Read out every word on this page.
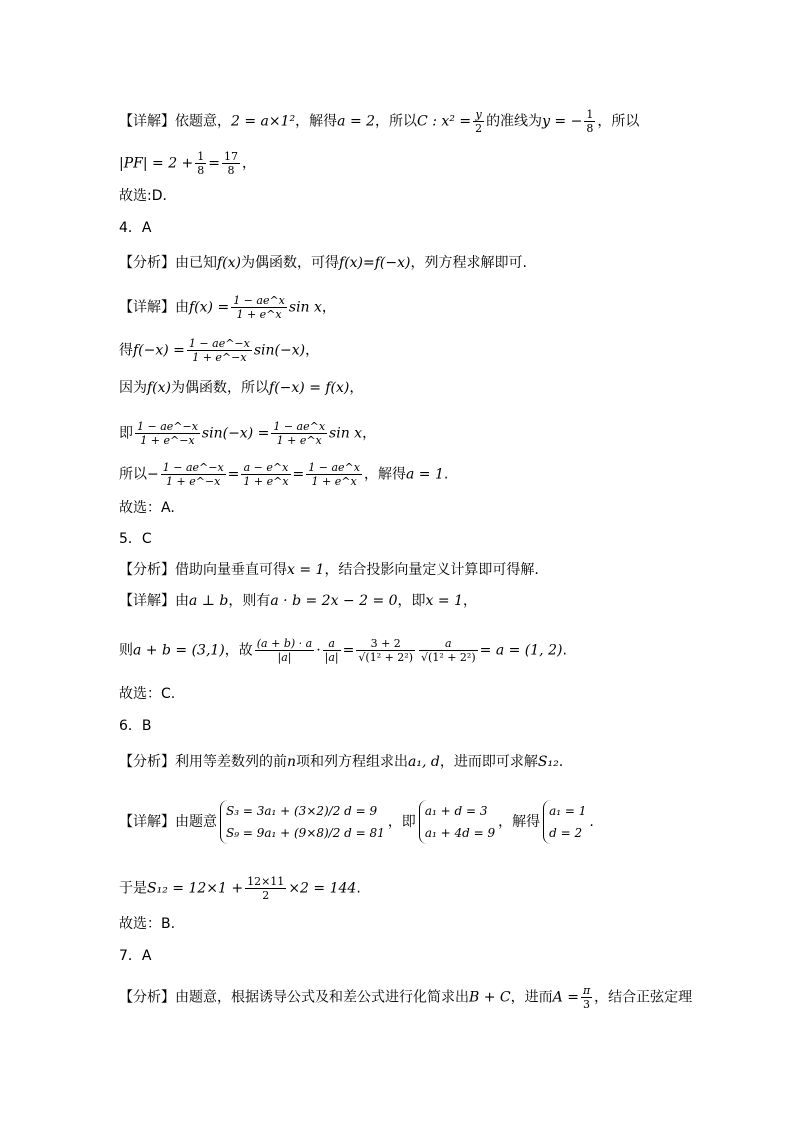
【详解】依题意，2 = a×1²，解得a = 2，所以C : $x^2 = \frac{y}{2}$ 的准线为y = − $\frac{1}{8}$ ，所以
$|PF| = 2 + \frac{1}{8} = \frac{17}{8}$ ，
故选:D．
4．A
【分析】由已知f(x)为偶函数，可得f(x)=f(−x)，列方程求解即可.
【详解】由$f(x) = \frac{1 - ae\^{}x}{1 + e\^{}x}$ sin x，
得$f(-x) = \frac{1 - ae\^{}-x}{1 + e\^{}-x} \sin(-x)$，
因为f(x)为偶函数，所以f(−x) = f(x)，
即 $\frac{1 - ae\^{}-x}{1 + e\^{}-x} \sin(-x) = \frac{1 - ae\^{}x}{1 + e\^{}x}$ sin x，
所以− $\frac{1 - ae\^{}-x}{1 + e\^{}-x} = \frac{a - e\^{}x}{1 + e\^{}x} = \frac{1 - ae\^{}x}{1 + e\^{}x}$ ，解得a = 1.
故选：A.
5．C
【分析】借助向量垂直可得x = 1，结合投影向量定义计算即可得解.
【详解】由a ⊥ b，则有a · b = 2x − 2 = 0，即x = 1，
则a + b = (3,1)，故 $\frac{(a + b) \cdot a}{|a|} \cdot \frac{a}{|a|} = \frac{3 + 2}{\text{√(1² + 2²)}} \frac{a}{\text{√(1² + 2²)}} = a = (1$, 2).
故选：C.
6．B
【分析】利用等差数列的前n项和列方程组求出a₁, d，进而即可求解S₁₂.
【详解】由题意
S₃ = 3a₁ + (3×2)/2 d = 9
S₉ = 9a₁ + (9×8)/2 d = 81
，即
a₁ + d = 3
a₁ + 4d = 9
，解得
a₁ = 1
d = 2
.
于是$S_{12} = 12\times 1 + \frac{12\times 11}{2} \times 2 = 144$.
故选：B.
7．A
【分析】由题意，根据诱导公式及和差公式进行化简求出B + C，进而$A = \frac{\pi}{3}$ ，结合正弦定理
